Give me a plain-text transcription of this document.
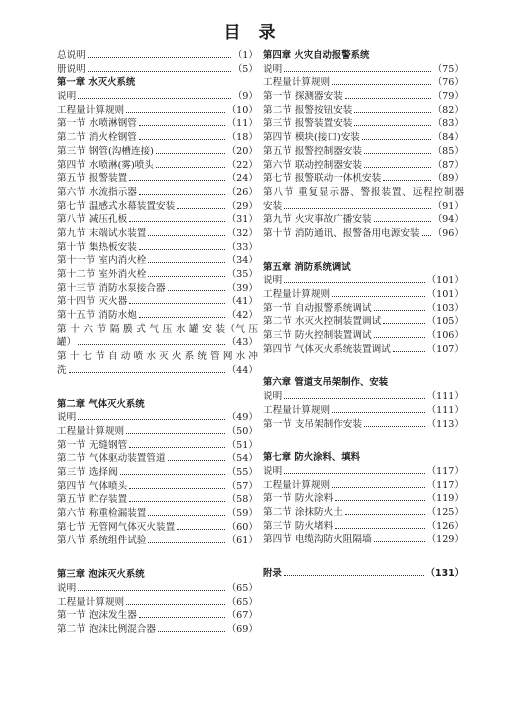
目 录
总说明	（1）
册说明	（5）
第一章 水灭火系统
说明	（9）
工程量计算规则	（10）
第一节 水喷淋钢管	（11）
第二节 消火栓钢管	（18）
第三节 钢管(沟槽连接)	（20）
第四节 水喷淋(雾)喷头	（22）
第五节 报警装置	（24）
第六节 水流指示器	（26）
第七节 温感式水幕装置安装	（29）
第八节 减压孔板	（31）
第九节 末端试水装置	（32）
第十节 集热板安装	（33）
第十一节 室内消火栓	（34）
第十二节 室外消火栓	（35）
第十三节 消防水泵接合器	（39）
第十四节 灭火器	（41）
第十五节 消防水炮	（42）
第 十 六 节 隔 膜 式 气 压 水 罐 安 装（气 压
罐）	（43）
第 十 七 节 自 动 喷 水 灭 火 系 统 管 网 水 冲
洗	（44）
第二章 气体灭火系统
说明	（49）
工程量计算规则	（50）
第一节 无缝钢管	（51）
第二节 气体驱动装置管道	（54）
第三节 选择阀	（55）
第四节 气体喷头	（57）
第五节 贮存装置	（58）
第六节 称重检漏装置	（59）
第七节 无管网气体灭火装置	（60）
第八节 系统组件试验	（61）
第三章 泡沫灭火系统
说明	（65）
工程量计算规则	（65）
第一节 泡沫发生器	（67）
第二节 泡沫比例混合器	（69）
第四章 火灾自动报警系统
说明	（75）
工程量计算规则	（76）
第一节 探测器安装	（79）
第二节 报警按钮安装	（82）
第三节 报警装置安装	（83）
第四节 模块(接口)安装	（84）
第五节 报警控制器安装	（85）
第六节 联动控制器安装	（87）
第七节 报警联动一体机安装	（89）
第八节 重复显示器、警报装置、远程控制器
安装	（91）
第九节 火灾事故广播安装	（94）
第十节 消防通讯、报警备用电源安装 （96）
第五章 消防系统调试
说明	（101）
工程量计算规则	（101）
第一节 自动报警系统调试	（103）
第二节 水灭火控制装置调试	（105）
第三节 防火控制装置调试	（106）
第四节 气体灭火系统装置调试	（107）
第六章 管道支吊架制作、安装
说明	（111）
工程量计算规则	（111）
第一节 支吊架制作安装	（113）
第七章 防火涂料、填料
说明	（117）
工程量计算规则	（117）
第一节 防火涂料	（119）
第二节 涂抹防火土	（125）
第三节 防火堵料	（126）
第四节 电缆沟防火阻隔墙	（129）
附录	（131）
